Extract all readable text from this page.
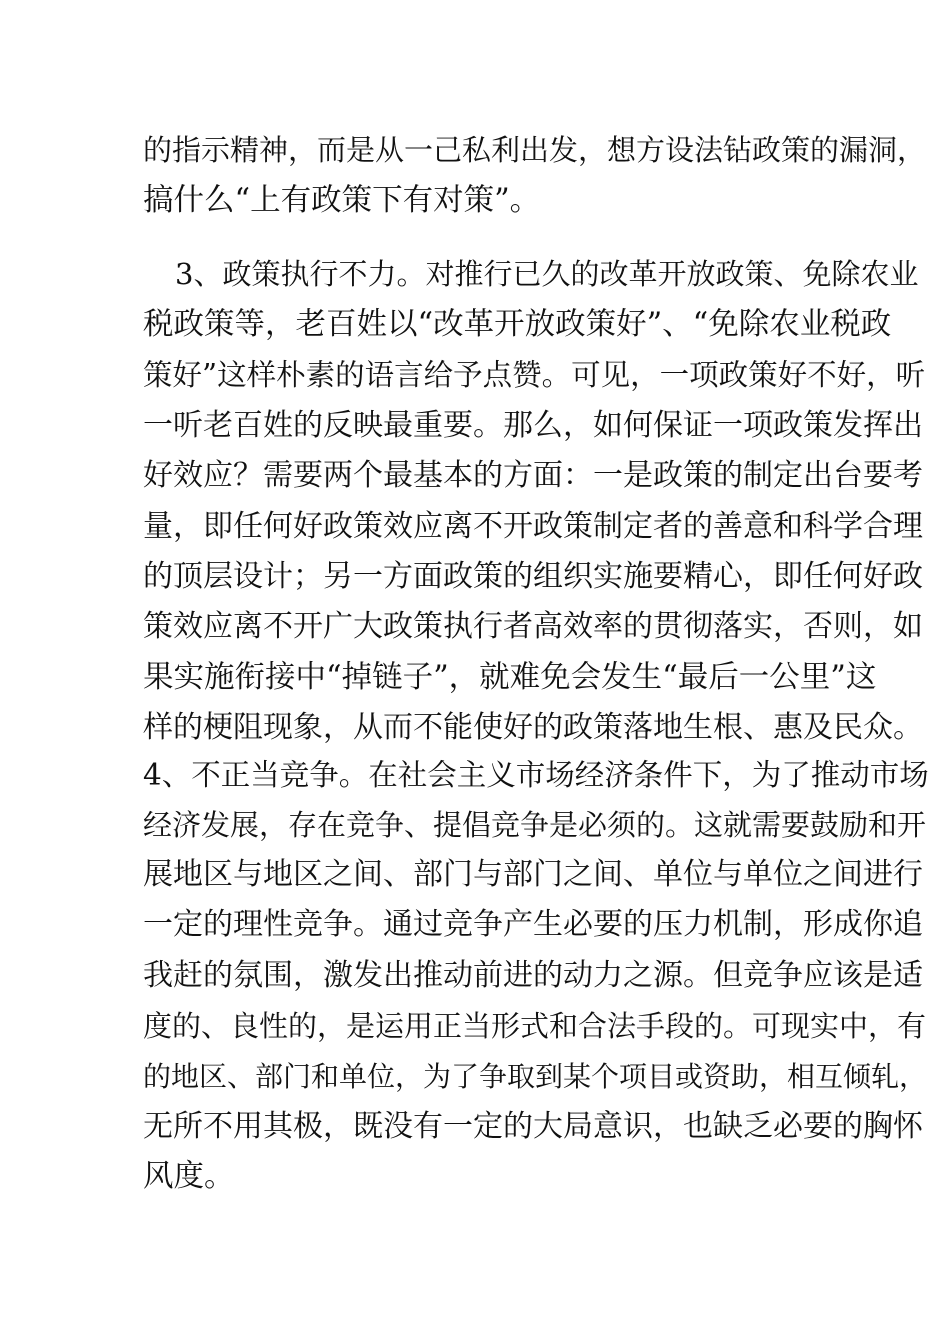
的指示精神，而是从一己私利出发，想方设法钻政策的漏洞，

搞什么“上有政策下有对策”。

3、政策执行不力。对推行已久的改革开放政策、免除农业

税政策等，老百姓以“改革开放政策好”、“免除农业税政

策好”这样朴素的语言给予点赞。可见，一项政策好不好，听

一听老百姓的反映最重要。那么，如何保证一项政策发挥出

好效应？需要两个最基本的方面：一是政策的制定出台要考

量，即任何好政策效应离不开政策制定者的善意和科学合理

的顶层设计；另一方面政策的组织实施要精心，即任何好政

策效应离不开广大政策执行者高效率的贯彻落实，否则，如

果实施衔接中“掉链子”，就难免会发生“最后一公里”这

样的梗阻现象，从而不能使好的政策落地生根、惠及民众。

4、不正当竞争。在社会主义市场经济条件下，为了推动市场

经济发展，存在竞争、提倡竞争是必须的。这就需要鼓励和开

展地区与地区之间、部门与部门之间、单位与单位之间进行

一定的理性竞争。通过竞争产生必要的压力机制，形成你追

我赶的氛围，激发出推动前进的动力之源。但竞争应该是适

度的、良性的，是运用正当形式和合法手段的。可现实中，有

的地区、部门和单位，为了争取到某个项目或资助，相互倾轧，

无所不用其极，既没有一定的大局意识，也缺乏必要的胸怀

风度。
